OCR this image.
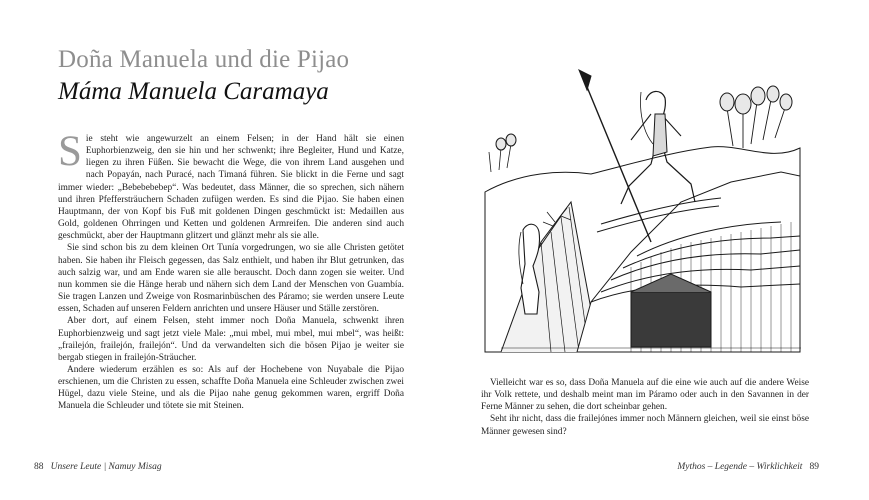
Doña Manuela und die Pijao
Máma Manuela Caramaya

Sie steht wie angewurzelt an einem Felsen; in der Hand hält sie einen Euphorbienzweig, den sie hin und her schwenkt; ihre Begleiter, Hund und Katze, liegen zu ihren Füßen. Sie bewacht die Wege, die von ihrem Land ausgehen und nach Popayán, nach Puracé, nach Timaná führen. Sie blickt in die Ferne und sagt immer wieder: „Bebebebebep“. Was bedeutet, dass Männer, die so sprechen, sich nähern und ihren Pfeffersträuchern Schaden zufügen werden. Es sind die Pijao. Sie haben einen Hauptmann, der von Kopf bis Fuß mit goldenen Dingen geschmückt ist: Medaillen aus Gold, goldenen Ohrringen und Ketten und goldenen Armreifen. Die anderen sind auch geschmückt, aber der Hauptmann glitzert und glänzt mehr als sie alle.

Sie sind schon bis zu dem kleinen Ort Tunía vorgedrungen, wo sie alle Christen getötet haben. Sie haben ihr Fleisch gegessen, das Salz enthielt, und haben ihr Blut getrunken, das auch salzig war, und am Ende waren sie alle berauscht. Doch dann zogen sie weiter. Und nun kommen sie die Hänge herab und nähern sich dem Land der Menschen von Guambía. Sie tragen Lanzen und Zweige von Rosmarinbüschen des Páramo; sie werden unsere Leute essen, Schaden auf unseren Feldern anrichten und unsere Häuser und Ställe zerstören.

Aber dort, auf einem Felsen, steht immer noch Doña Manuela, schwenkt ihren Euphorbienzweig und sagt jetzt viele Male: „mui mbel, mui mbel, mui mbel“, was heißt: „frailejón, frailejón, frailejón“. Und da verwandelten sich die bösen Pijao je weiter sie bergab stiegen in frailejón-Sträucher.

Andere wiederum erzählen es so: Als auf der Hochebene von Nuyabale die Pijao erschienen, um die Christen zu essen, schaffte Doña Manuela eine Schleuder zwischen zwei Hügel, dazu viele Steine, und als die Pijao nahe genug gekommen waren, ergriff Doña Manuela die Schleuder und tötete sie mit Steinen.

88 Unsere Leute | Namuy Misag

Vielleicht war es so, dass Doña Manuela auf die eine wie auch auf die andere Weise ihr Volk rettete, und deshalb meint man im Páramo oder auch in den Savannen in der Ferne Männer zu sehen, die dort scheinbar gehen.

Seht ihr nicht, dass die frailejónes immer noch Männern gleichen, weil sie einst böse Männer gewesen sind?

Mythos – Legende – Wirklichkeit 89
